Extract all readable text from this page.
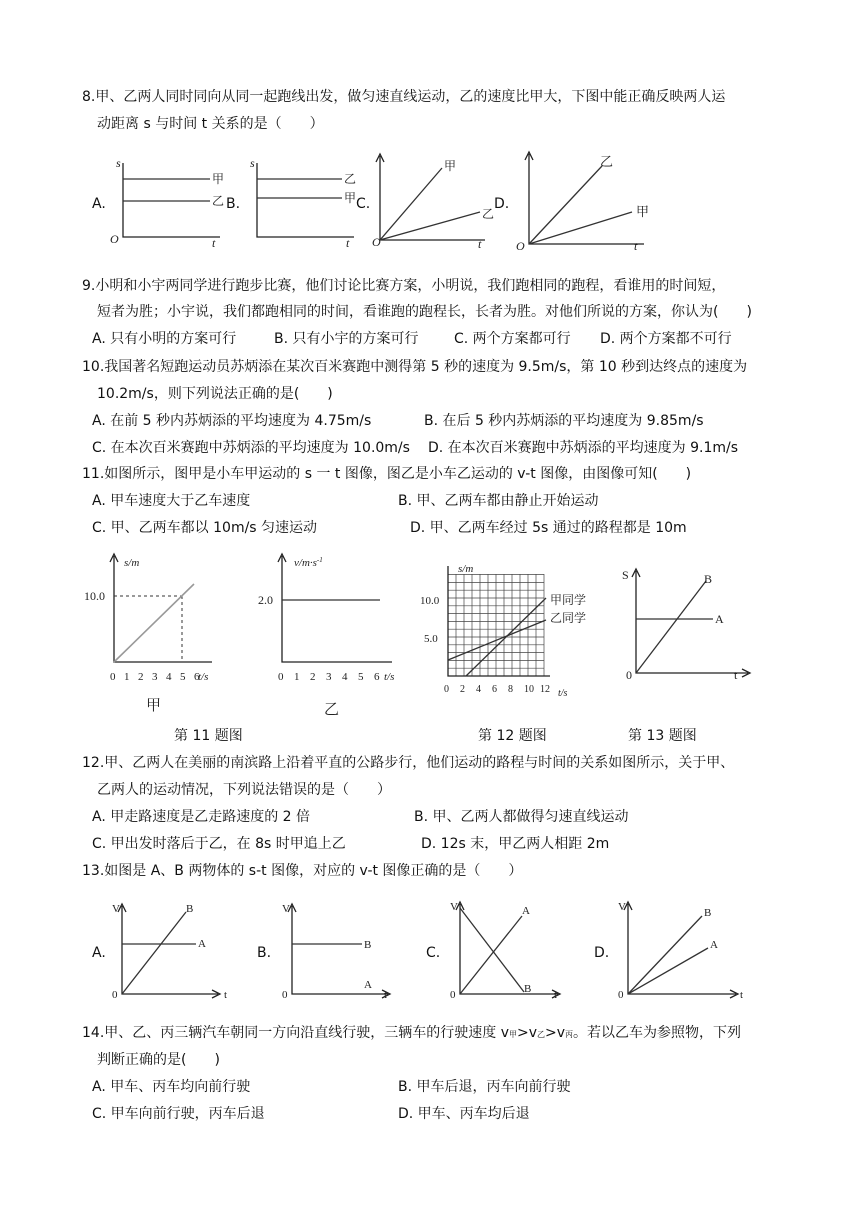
8.甲、乙两人同时同向从同一起跑线出发，做匀速直线运动，乙的速度比甲大，下图中能正确反映两人运
动距离 s 与时间 t 关系的是（　　）
A.
s
O	t
甲
乙 B.
s
t
乙
甲 C.
O	t
甲
乙
D.
O	t
乙
甲
9.小明和小宇两同学进行跑步比赛，他们讨论比赛方案，小明说，我们跑相同的跑程，看谁用的时间短，
短者为胜；小宇说，我们都跑相同的时间，看谁跑的跑程长，长者为胜。对他们所说的方案，你认为(　　)
A. 只有小明的方案可行	B. 只有小宇的方案可行	C. 两个方案都可行 D. 两个方案都不可行
10.我国著名短跑运动员苏炳添在某次百米赛跑中测得第 5 秒的速度为 9.5m/s，第 10 秒到达终点的速度为
10.2m/s，则下列说法正确的是(　　)
A. 在前 5 秒内苏炳添的平均速度为 4.75m/s	B. 在后 5 秒内苏炳添的平均速度为 9.85m/s
C. 在本次百米赛跑中苏炳添的平均速度为 10.0m/s D. 在本次百米赛跑中苏炳添的平均速度为 9.1m/s
11.如图所示，图甲是小车甲运动的 s 一 t 图像，图乙是小车乙运动的 v-t 图像，由图像可知(　　)
A. 甲车速度大于乙车速度	B. 甲、乙两车都由静止开始运动
C. 甲、乙两车都以 10m/s 匀速运动	D. 甲、乙两车经过 5s 通过的路程都是 10m
s/m
10.0
t/s
0 1 2 3 4 5 6
甲
$v/m\cdot s^{-1}$
2.0
t/s
0 1 2 3 4 5 6
乙
s/m
10.0
5.0
0 2 4 6 8 10 12 t/s
甲同学
乙同学
S
0	t
B
A
第 11 题图	第 12 题图	第 13 题图
12.甲、乙两人在美丽的南滨路上沿着平直的公路步行，他们运动的路程与时间的关系如图所示，关于甲、
乙两人的运动情况，下列说法错误的是（　　）
A. 甲走路速度是乙走路速度的 2 倍	B. 甲、乙两人都做得匀速直线运动
C. 甲出发时落后于乙，在 8s 时甲追上乙	D. 12s 末，甲乙两人相距 2m
13.如图是 A、B 两物体的 s-t 图像，对应的 v-t 图像正确的是（　　）
A.
V
0	t
B
A
B.
V
0	t
B
A
C.
V
0	t
A
B
D.
V
0	t
B
A
14.甲、乙、丙三辆汽车朝同一方向沿直线行驶，三辆车的行驶速度 v甲>v乙>v丙。若以乙车为参照物，下列
判断正确的是(　　)
A. 甲车、丙车均向前行驶	B. 甲车后退，丙车向前行驶
C. 甲车向前行驶，丙车后退	D. 甲车、丙车均后退
